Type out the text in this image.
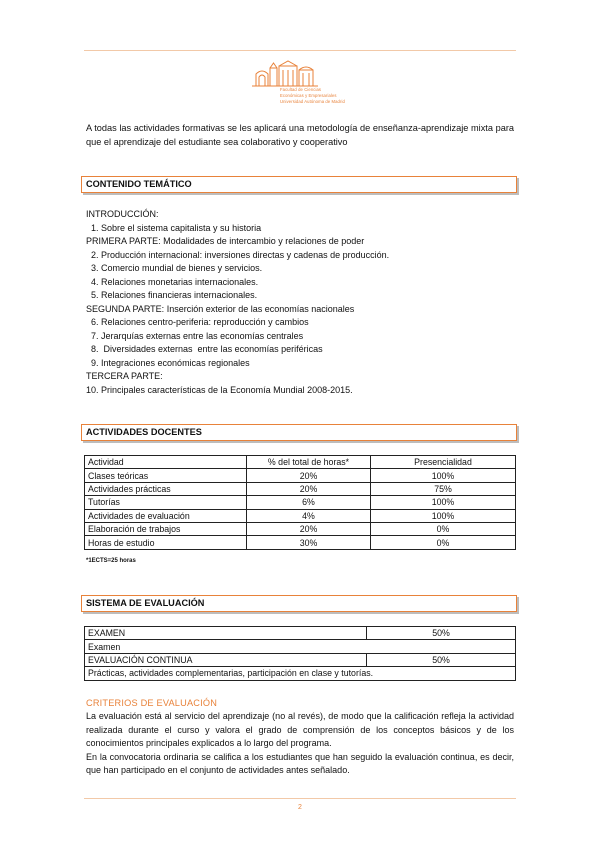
Facultad de Ciencias
Económicas y Empresariales
Universidad Autónoma de Madrid
A todas las actividades formativas se les aplicará una metodología de enseñanza-aprendizaje mixta para que el aprendizaje del estudiante sea colaborativo y cooperativo
CONTENIDO TEMÁTICO
INTRODUCCIÓN:
1. Sobre el sistema capitalista y su historia
PRIMERA PARTE: Modalidades de intercambio y relaciones de poder
2. Producción internacional: inversiones directas y cadenas de producción.
3. Comercio mundial de bienes y servicios.
4. Relaciones monetarias internacionales.
5. Relaciones financieras internacionales.
SEGUNDA PARTE: Inserción exterior de las economías nacionales
6. Relaciones centro-periferia: reproducción y cambios
7. Jerarquías externas entre las economías centrales
8.  Diversidades externas  entre las economías periféricas
9. Integraciones económicas regionales
TERCERA PARTE:
10. Principales características de la Economía Mundial 2008-2015.
ACTIVIDADES DOCENTES
Actividad	% del total de horas*	Presencialidad
Clases teóricas	20%	100%
Actividades prácticas	20%	75%
Tutorías	6%	100%
Actividades de evaluación	4%	100%
Elaboración de trabajos	20%	0%
Horas de estudio	30%	0%
*1ECTS=25 horas
SISTEMA DE EVALUACIÓN
EXAMEN	50%
Examen	
EVALUACIÓN CONTINUA	50%
Prácticas, actividades complementarias, participación en clase y tutorías.	
CRITERIOS DE EVALUACIÓN

La evaluación está al servicio del aprendizaje (no al revés), de modo que la calificación refleja la actividad realizada durante el curso y valora el grado de comprensión de los conceptos básicos y de los conocimientos principales explicados a lo largo del programa.

En la convocatoria ordinaria se califica a los estudiantes que han seguido la evaluación continua, es decir, que han participado en el conjunto de actividades antes señalado.

2
